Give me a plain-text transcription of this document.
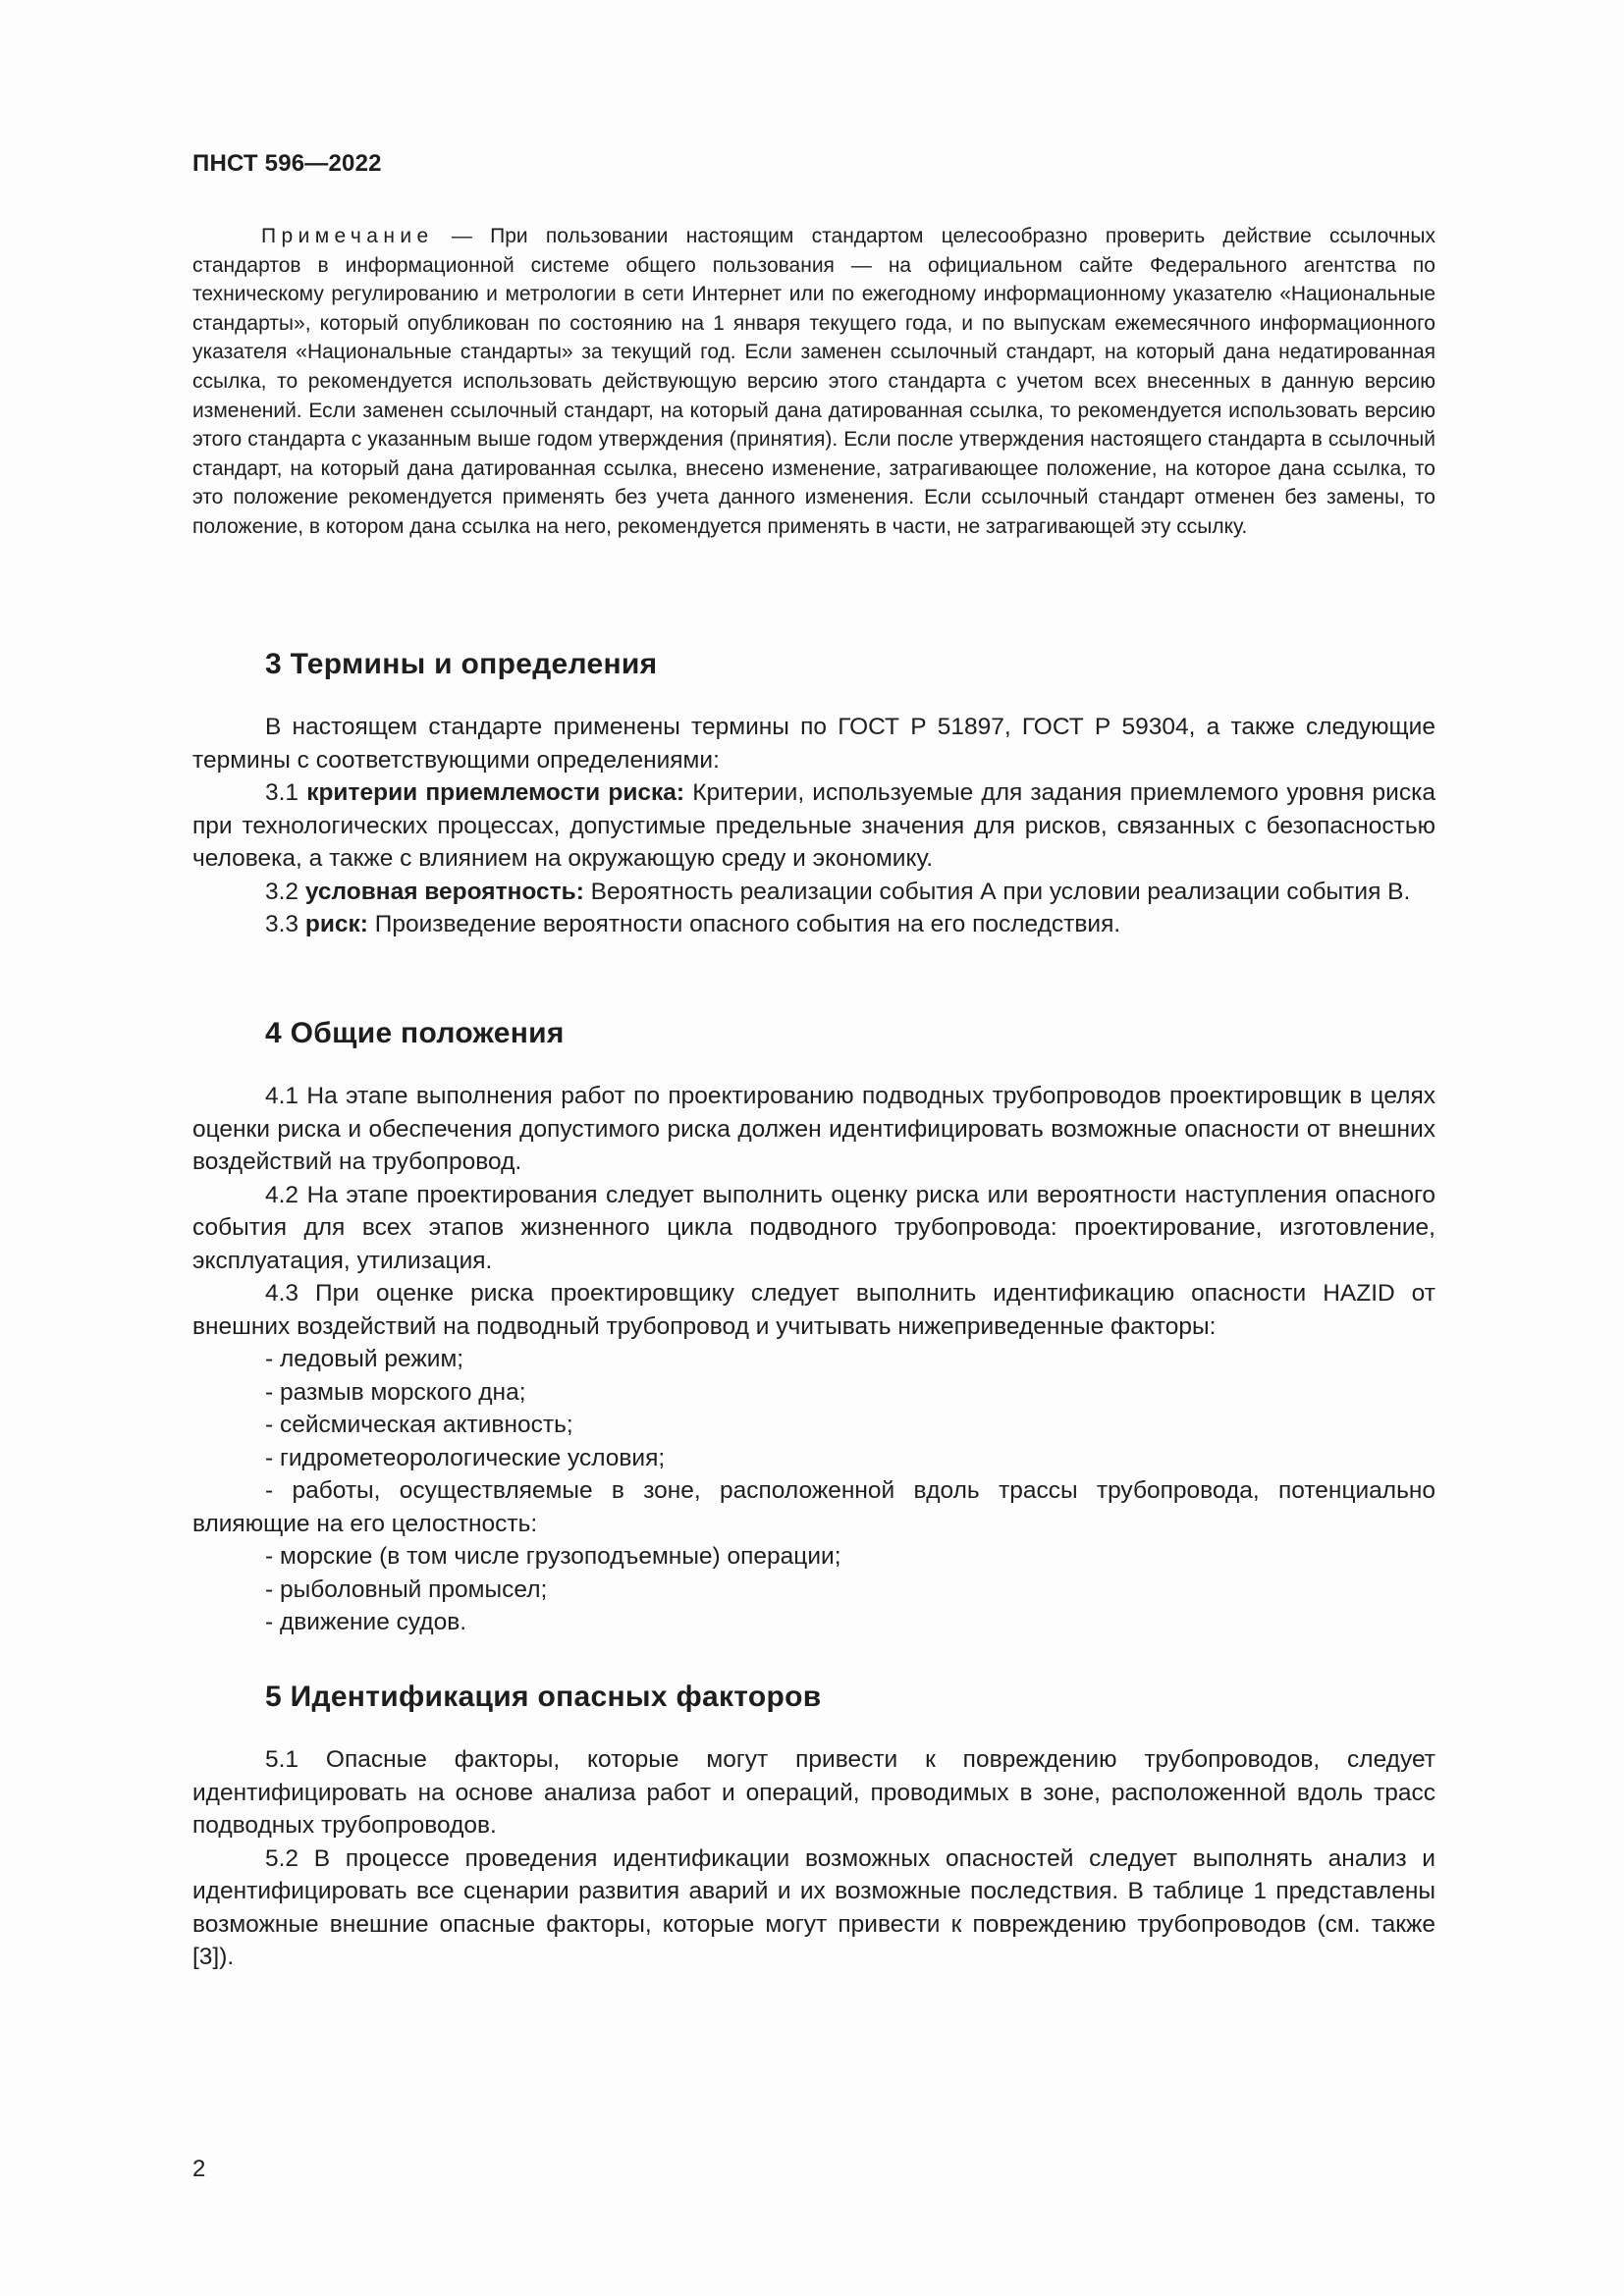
ПНСТ 596—2022
Примечание — При пользовании настоящим стандартом целесообразно проверить действие ссылочных стандартов в информационной системе общего пользования — на официальном сайте Федерального агентства по техническому регулированию и метрологии в сети Интернет или по ежегодному информационному указателю «Национальные стандарты», который опубликован по состоянию на 1 января текущего года, и по выпускам ежемесячного информационного указателя «Национальные стандарты» за текущий год. Если заменен ссылочный стандарт, на который дана недатированная ссылка, то рекомендуется использовать действующую версию этого стандарта с учетом всех внесенных в данную версию изменений. Если заменен ссылочный стандарт, на который дана датированная ссылка, то рекомендуется использовать версию этого стандарта с указанным выше годом утверждения (принятия). Если после утверждения настоящего стандарта в ссылочный стандарт, на который дана датированная ссылка, внесено изменение, затрагивающее положение, на которое дана ссылка, то это положение рекомендуется применять без учета данного изменения. Если ссылочный стандарт отменен без замены, то положение, в котором дана ссылка на него, рекомендуется применять в части, не затрагивающей эту ссылку.
3 Термины и определения

В настоящем стандарте применены термины по ГОСТ Р 51897, ГОСТ Р 59304, а также следующие термины с соответствующими определениями:

3.1 критерии приемлемости риска: Критерии, используемые для задания приемлемого уровня риска при технологических процессах, допустимые предельные значения для рисков, связанных с безопасностью человека, а также с влиянием на окружающую среду и экономику.

3.2 условная вероятность: Вероятность реализации события А при условии реализации события В.

3.3 риск: Произведение вероятности опасного события на его последствия.

4 Общие положения

4.1 На этапе выполнения работ по проектированию подводных трубопроводов проектировщик в целях оценки риска и обеспечения допустимого риска должен идентифицировать возможные опасности от внешних воздействий на трубопровод.

4.2 На этапе проектирования следует выполнить оценку риска или вероятности наступления опасного события для всех этапов жизненного цикла подводного трубопровода: проектирование, изготовление, эксплуатация, утилизация.

4.3 При оценке риска проектировщику следует выполнить идентификацию опасности HAZID от внешних воздействий на подводный трубопровод и учитывать нижеприведенные факторы:

- ледовый режим;

- размыв морского дна;

- сейсмическая активность;

- гидрометеорологические условия;

- работы, осуществляемые в зоне, расположенной вдоль трассы трубопровода, потенциально влияющие на его целостность:

- морские (в том числе грузоподъемные) операции;

- рыболовный промысел;

- движение судов.

5 Идентификация опасных факторов

5.1 Опасные факторы, которые могут привести к повреждению трубопроводов, следует идентифицировать на основе анализа работ и операций, проводимых в зоне, расположенной вдоль трасс подводных трубопроводов.

5.2 В процессе проведения идентификации возможных опасностей следует выполнять анализ и идентифицировать все сценарии развития аварий и их возможные последствия. В таблице 1 представлены возможные внешние опасные факторы, которые могут привести к повреждению трубопроводов (см. также [3]).

2
